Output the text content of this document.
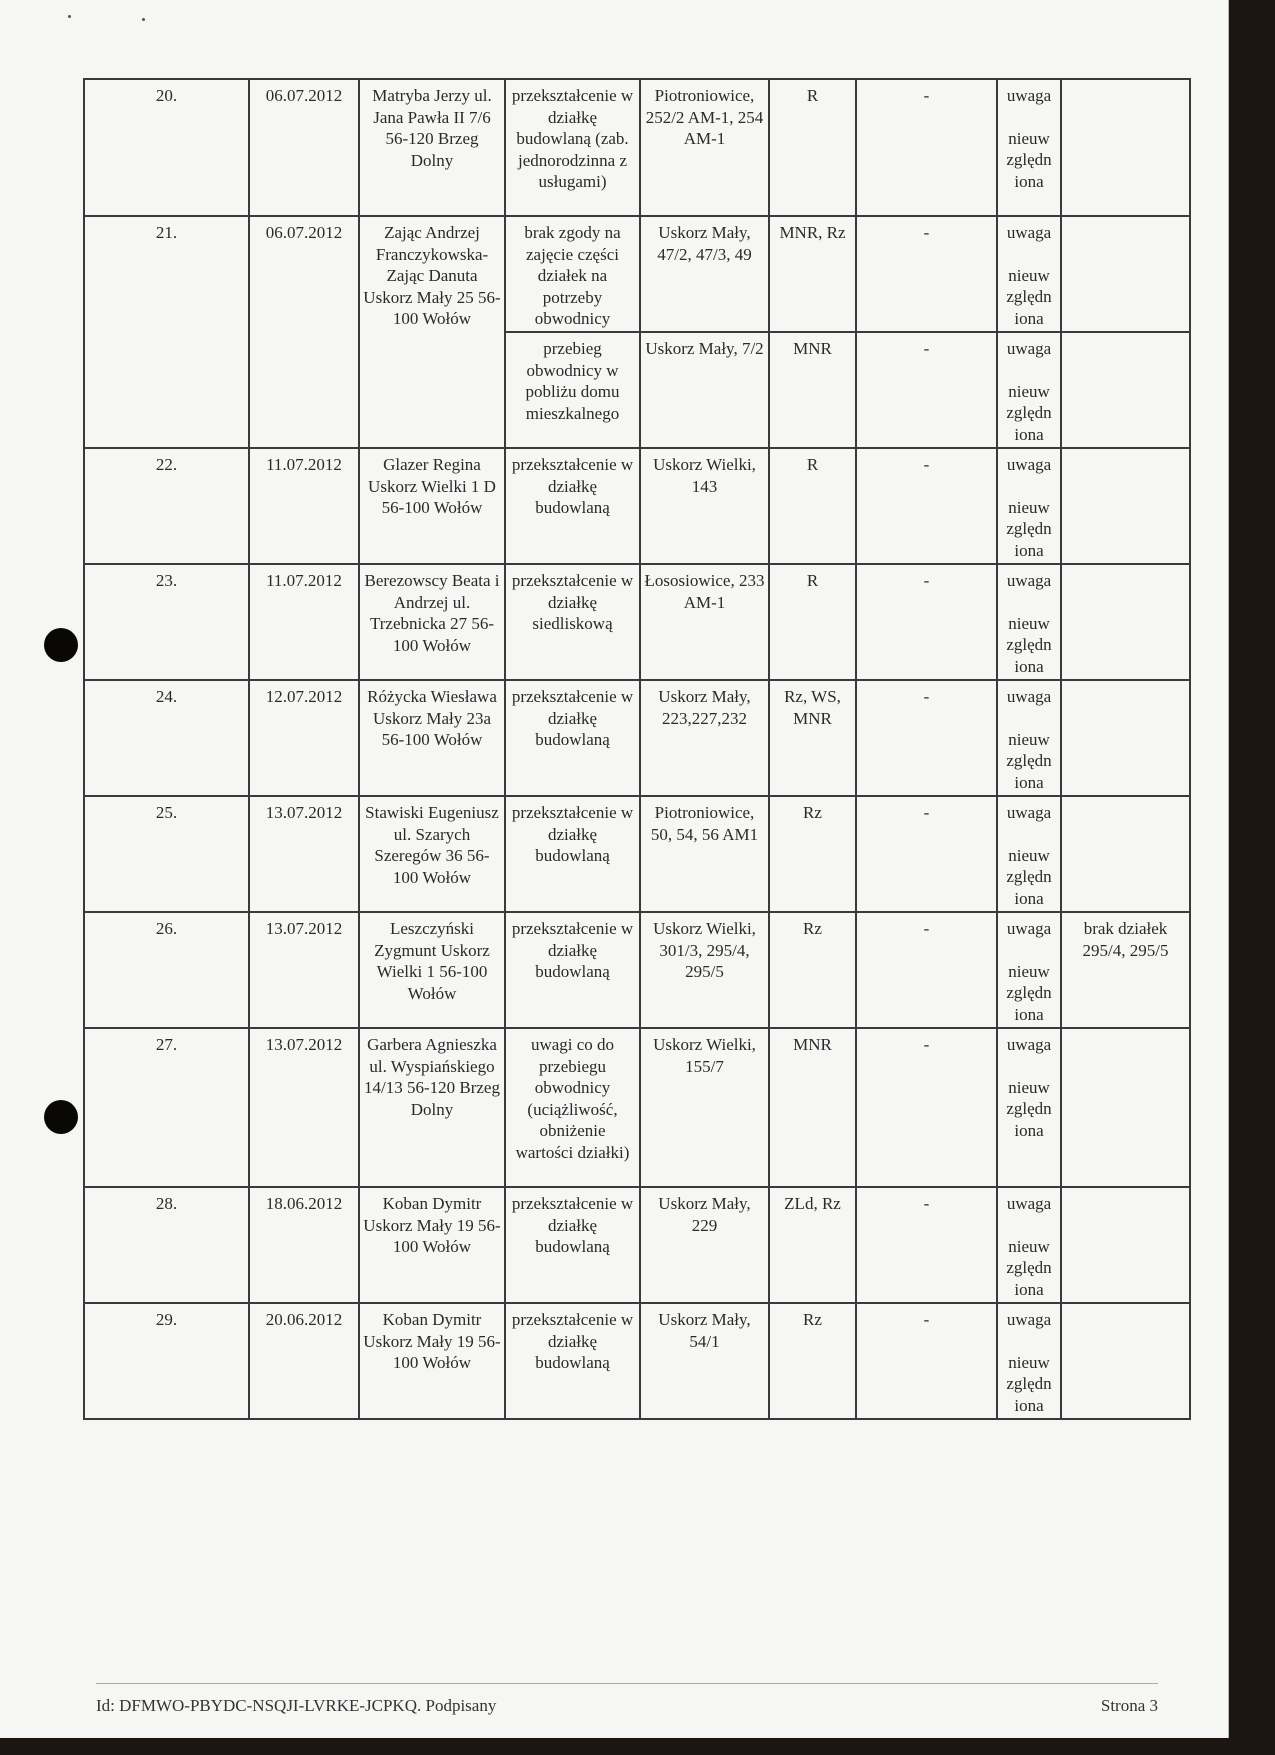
20.	06.07.2012	Matryba Jerzy ul. Jana Pawła II 7/6 56-120 Brzeg Dolny	przekształcenie w działkę budowlaną (zab. jednorodzinna z usługami)	Piotroniowice, 252/2 AM-1, 254 AM-1	R	-	uwaga
nieuw zględn iona	

21.	06.07.2012	Zając Andrzej Franczykowska-Zając Danuta Uskorz Mały 25 56-100 Wołów	brak zgody na zajęcie części działek na potrzeby obwodnicy	Uskorz Mały, 47/2, 47/3, 49	MNR, Rz	-	uwaga
nieuw zględn iona	

			przebieg obwodnicy w pobliżu domu mieszkalnego	Uskorz Mały, 7/2	MNR	-	uwaga
nieuw zględn iona	

22.	11.07.2012	Glazer Regina Uskorz Wielki 1 D 56-100 Wołów	przekształcenie w działkę budowlaną	Uskorz Wielki, 143	R	-	uwaga
nieuw zględn iona	

23.	11.07.2012	Berezowscy Beata i Andrzej ul. Trzebnicka 27 56-100 Wołów	przekształcenie w działkę siedliskową	Łososiowice, 233 AM-1	R	-	uwaga
nieuw zględn iona	

24.	12.07.2012	Różycka Wiesława Uskorz Mały 23a 56-100 Wołów	przekształcenie w działkę budowlaną	Uskorz Mały, 223,227,232	Rz, WS, MNR	-	uwaga
nieuw zględn iona	

25.	13.07.2012	Stawiski Eugeniusz ul. Szarych Szeregów 36 56-100 Wołów	przekształcenie w działkę budowlaną	Piotroniowice, 50, 54, 56 AM1	Rz	-	uwaga
nieuw zględn iona	

26.	13.07.2012	Leszczyński Zygmunt Uskorz Wielki 1 56-100 Wołów	przekształcenie w działkę budowlaną	Uskorz Wielki, 301/3, 295/4, 295/5	Rz	-	uwaga
nieuw zględn iona	brak działek 295/4, 295/5
27.	13.07.2012	Garbera Agnieszka ul. Wyspiańskiego 14/13 56-120 Brzeg Dolny	uwagi co do przebiegu obwodnicy (uciążliwość, obniżenie wartości działki)	Uskorz Wielki, 155/7	MNR	-	uwaga
nieuw zględn iona	

28.	18.06.2012	Koban Dymitr Uskorz Mały 19 56-100 Wołów	przekształcenie w działkę budowlaną	Uskorz Mały, 229	ZLd, Rz	-	uwaga
nieuw zględn iona	

29.	20.06.2012	Koban Dymitr Uskorz Mały 19 56-100 Wołów	przekształcenie w działkę budowlaną	Uskorz Mały, 54/1	Rz	-	uwaga
nieuw zględn iona	

Id: DFMWO-PBYDC-NSQJI-LVRKE-JCPKQ. Podpisany	Strona 3
